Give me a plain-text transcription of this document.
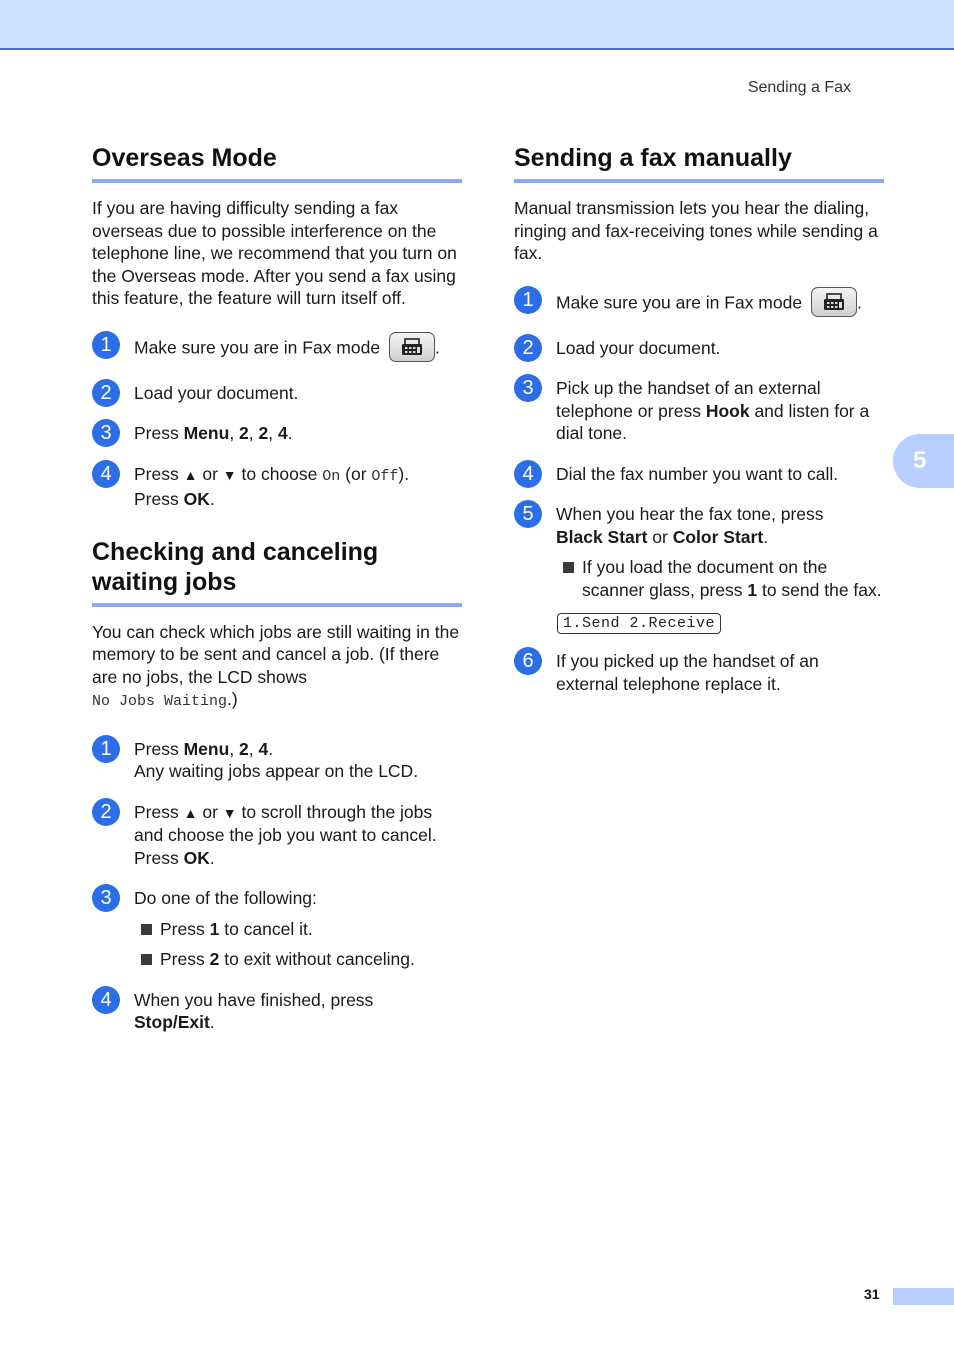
Sending a Fax
Overseas Mode

If you are having difficulty sending a fax overseas due to possible interference on the telephone line, we recommend that you turn on the Overseas mode. After you send a fax using this feature, the feature will turn itself off.

1	Make sure you are in Fax mode	.
2	Load your document.
3	Press Menu, 2, 2, 4.
4	Press ▲ or ▼ to choose On (or Off).
Press OK.
Checking and canceling
waiting jobs

You can check which jobs are still waiting in the memory to be sent and cancel a job. (If there are no jobs, the LCD shows
No Jobs Waiting.)

1	Press Menu, 2, 4.
Any waiting jobs appear on the LCD.
2	Press ▲ or ▼ to scroll through the jobs and choose the job you want to cancel.
Press OK.
3	Do one of the following:
Press 1 to cancel it.
Press 2 to exit without canceling.
4	When you have finished, press
Stop/Exit.
Sending a fax manually

Manual transmission lets you hear the dialing, ringing and fax-receiving tones while sending a fax.

1	Make sure you are in Fax mode	.
2	Load your document.
3	Pick up the handset of an external telephone or press Hook and listen for a dial tone.
4	Dial the fax number you want to call.
5	When you hear the fax tone, press
Black Start or Color Start.
If you load the document on the scanner glass, press 1 to send the fax.
1.Send 2.Receive
6	If you picked up the handset of an external telephone replace it.
5
31
